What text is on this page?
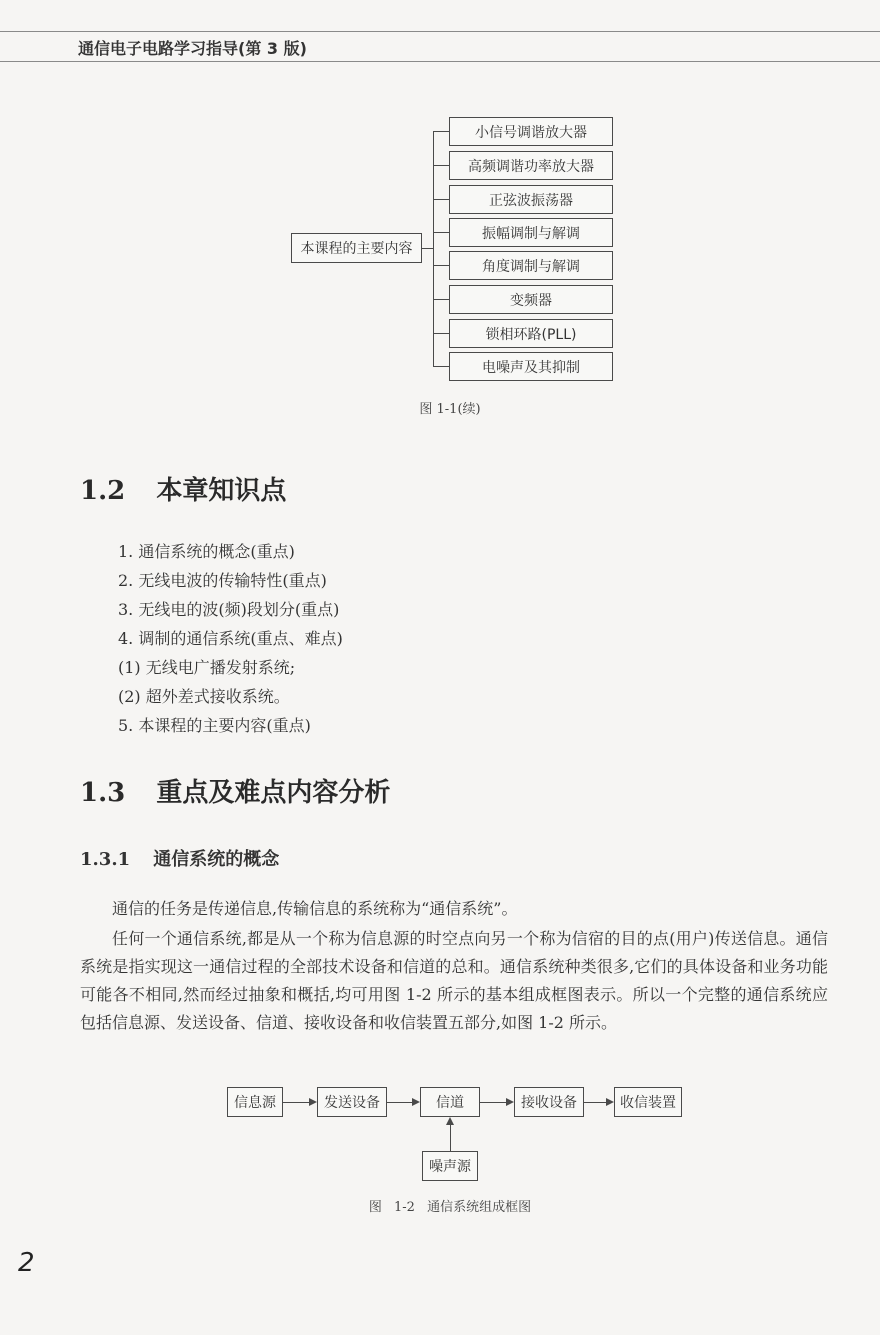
通信电子电路学习指导(第 3 版)
本课程的主要内容
小信号调谐放大器
高频调谐功率放大器
正弦波振荡器
振幅调制与解调
角度调制与解调
变频器
锁相环路(PLL)
电噪声及其抑制
图 1-1(续)
1.2 本章知识点
1. 通信系统的概念(重点)
2. 无线电波的传输特性(重点)
3. 无线电的波(频)段划分(重点)
4. 调制的通信系统(重点、难点)
(1) 无线电广播发射系统;
(2) 超外差式接收系统。
5. 本课程的主要内容(重点)
1.3 重点及难点内容分析
1.3.1 通信系统的概念
通信的任务是传递信息,传输信息的系统称为“通信系统”。
任何一个通信系统,都是从一个称为信息源的时空点向另一个称为信宿的目的点(用户)传送信息。通信系统是指实现这一通信过程的全部技术设备和信道的总和。通信系统种类很多,它们的具体设备和业务功能可能各不相同,然而经过抽象和概括,均可用图 1-2 所示的基本组成框图表示。所以一个完整的通信系统应包括信息源、发送设备、信道、接收设备和收信装置五部分,如图 1-2 所示。
信息源	发送设备	信道	接收设备	收信装置
噪声源
图 1-2 通信系统组成框图
2
